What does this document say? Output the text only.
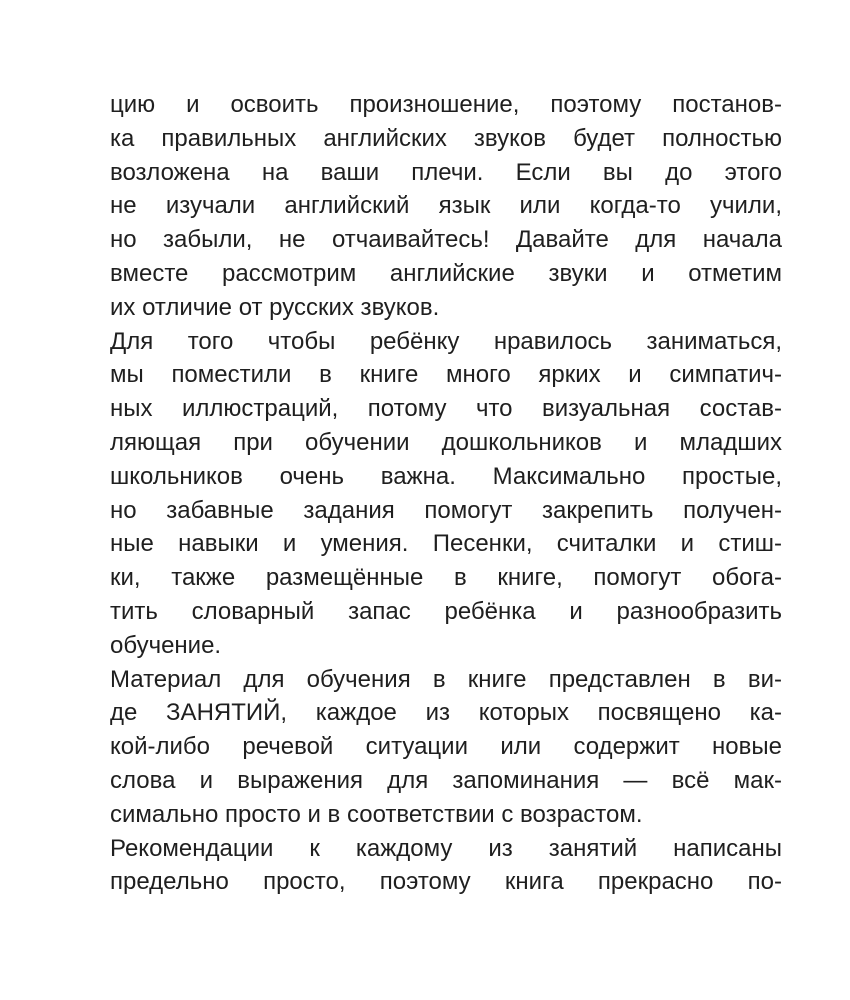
цию и освоить произношение, поэтому постанов-
ка правильных английских звуков будет полностью
возложена на ваши плечи. Если вы до этого
не изучали английский язык или когда-то учили,
но забыли, не отчаивайтесь! Давайте для начала
вместе рассмотрим английские звуки и отметим
их отличие от русских звуков.
Для того чтобы ребёнку нравилось заниматься,
мы поместили в книге много ярких и симпатич-
ных иллюстраций, потому что визуальная состав-
ляющая при обучении дошкольников и младших
школьников очень важна. Максимально простые,
но забавные задания помогут закрепить получен-
ные навыки и умения. Песенки, считалки и стиш-
ки, также размещённые в книге, помогут обога-
тить словарный запас ребёнка и разнообразить
обучение.
Материал для обучения в книге представлен в ви-
де ЗАНЯТИЙ, каждое из которых посвящено ка-
кой-либо речевой ситуации или содержит новые
слова и выражения для запоминания — всё мак-
симально просто и в соответствии с возрастом.
Рекомендации к каждому из занятий написаны
предельно просто, поэтому книга прекрасно по-
